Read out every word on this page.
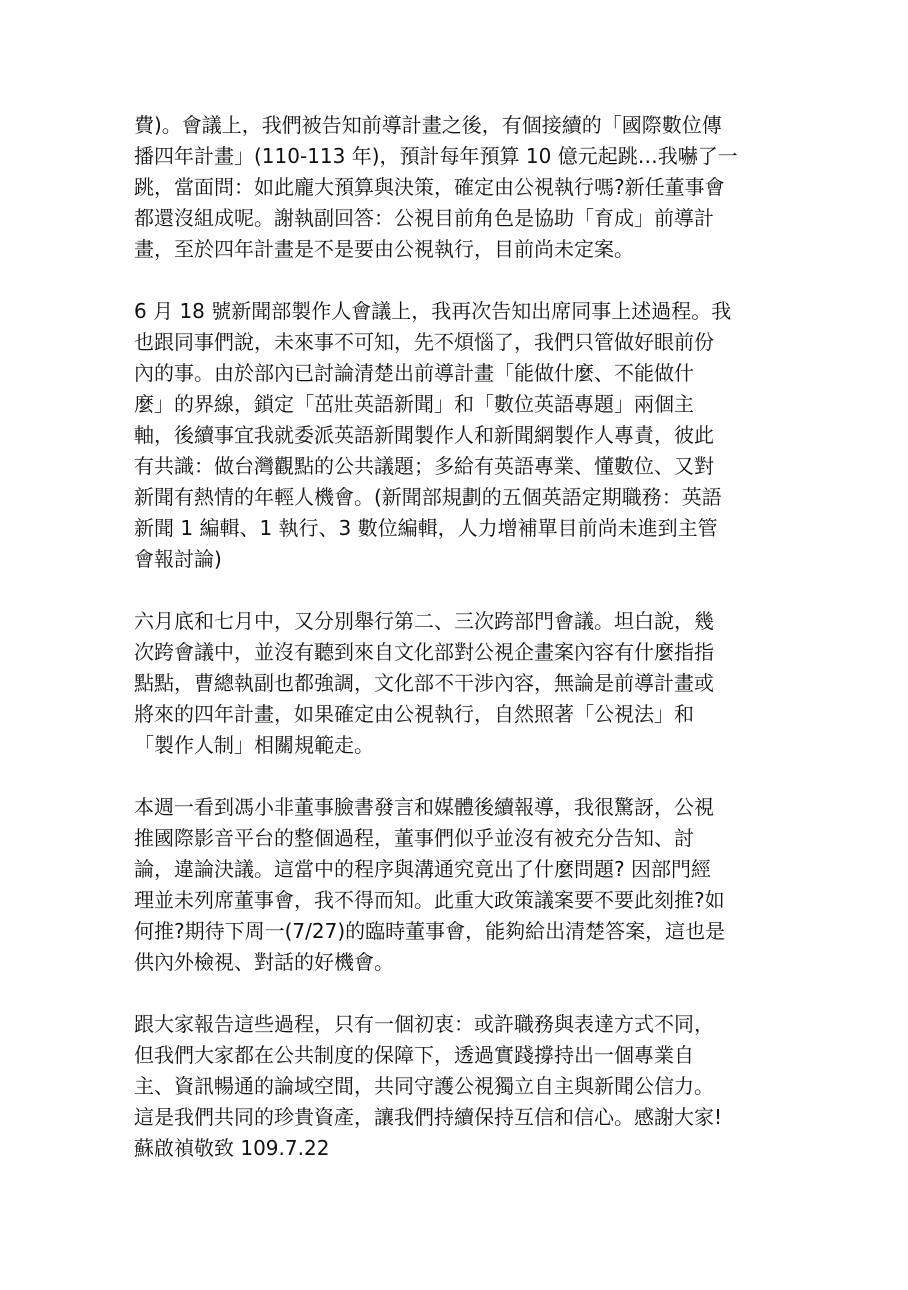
費)。會議上，我們被告知前導計畫之後，有個接續的「國際數位傳
播四年計畫」(110-113 年)，預計每年預算 10 億元起跳…我嚇了一
跳，當面問：如此龐大預算與決策，確定由公視執行嗎?新任董事會
都還沒組成呢。謝執副回答：公視目前角色是協助「育成」前導計
畫，至於四年計畫是不是要由公視執行，目前尚未定案。

6 月 18 號新聞部製作人會議上，我再次告知出席同事上述過程。我
也跟同事們說，未來事不可知，先不煩惱了，我們只管做好眼前份
內的事。由於部內已討論清楚出前導計畫「能做什麼、不能做什
麼」的界線，鎖定「茁壯英語新聞」和「數位英語專題」兩個主
軸，後續事宜我就委派英語新聞製作人和新聞網製作人專責，彼此
有共識：做台灣觀點的公共議題；多給有英語專業、懂數位、又對
新聞有熱情的年輕人機會。(新聞部規劃的五個英語定期職務：英語
新聞 1 編輯、1 執行、3 數位編輯，人力增補單目前尚未進到主管
會報討論)

六月底和七月中，又分別舉行第二、三次跨部門會議。坦白說，幾
次跨會議中，並沒有聽到來自文化部對公視企畫案內容有什麼指指
點點，曹總執副也都強調，文化部不干涉內容，無論是前導計畫或
將來的四年計畫，如果確定由公視執行，自然照著「公視法」和
「製作人制」相關規範走。

本週一看到馮小非董事臉書發言和媒體後續報導，我很驚訝，公視
推國際影音平台的整個過程，董事們似乎並沒有被充分告知、討
論，違論決議。這當中的程序與溝通究竟出了什麼問題? 因部門經
理並未列席董事會，我不得而知。此重大政策議案要不要此刻推?如
何推?期待下周一(7/27)的臨時董事會，能夠給出清楚答案，這也是
供內外檢視、對話的好機會。

跟大家報告這些過程，只有一個初衷：或許職務與表達方式不同，
但我們大家都在公共制度的保障下，透過實踐撐持出一個專業自
主、資訊暢通的論域空間，共同守護公視獨立自主與新聞公信力。
這是我們共同的珍貴資產，讓我們持續保持互信和信心。感謝大家!
蘇啟禎敬致 109.7.22
